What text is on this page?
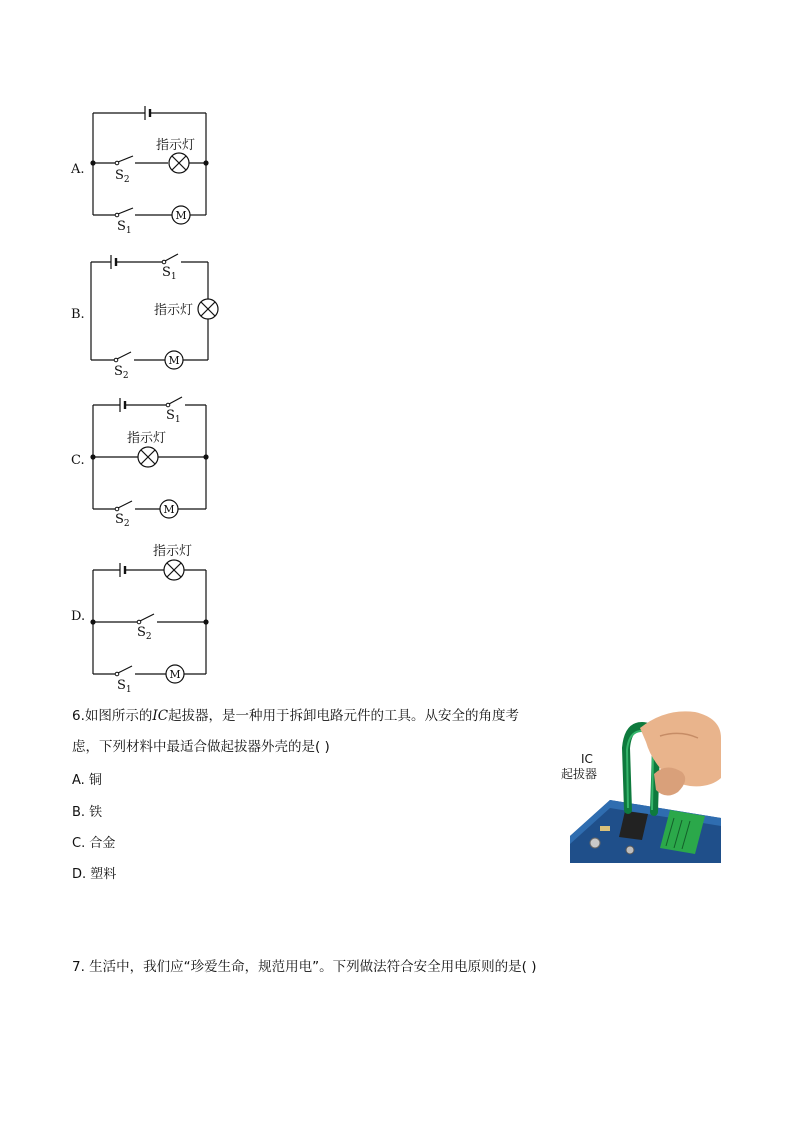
A.
指示灯
$S_2$
M
$S_1$
B.
$S_1$
指示灯
M
$S_2$
C.
$S_1$
指示灯
M
$S_2$
D.
指示灯
$S_2$
M
$S_1$
6.如图所示的IC起拔器，是一种用于拆卸电路元件的工具。从安全的角度考
虑，下列材料中最适合做起拔器外壳的是( )
A. 铜
B. 铁
C. 合金
D. 塑料
IC
起拔器
7. 生活中，我们应“珍爱生命，规范用电”。下列做法符合安全用电原则的是( )
